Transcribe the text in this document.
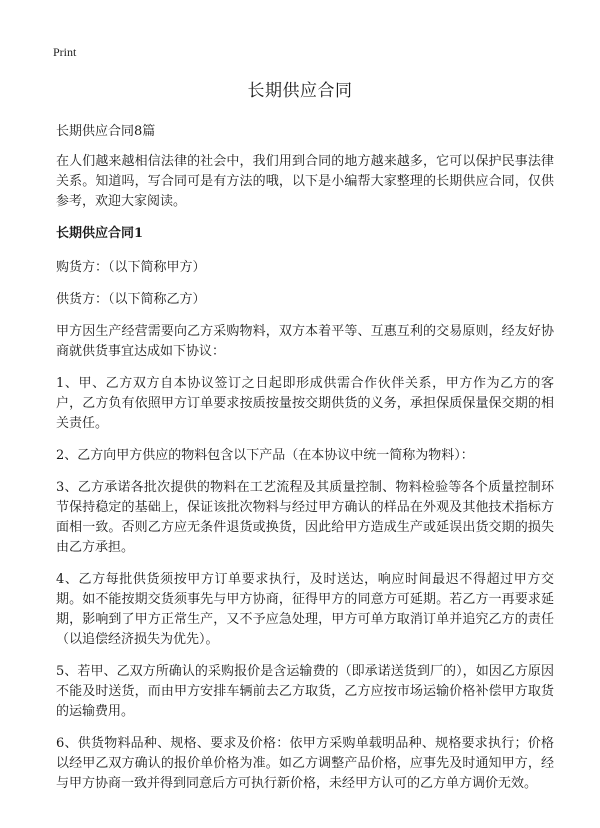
Print
长期供应合同

长期供应合同8篇

在人们越来越相信法律的社会中，我们用到合同的地方越来越多，它可以保护民事法律关系。知道吗，写合同可是有方法的哦，以下是小编帮大家整理的长期供应合同，仅供参考，欢迎大家阅读。

长期供应合同1

购货方：（以下简称甲方）

供货方：（以下简称乙方）

甲方因生产经营需要向乙方采购物料，双方本着平等、互惠互利的交易原则，经友好协商就供货事宜达成如下协议：

1、甲、乙方双方自本协议签订之日起即形成供需合作伙伴关系，甲方作为乙方的客户，乙方负有依照甲方订单要求按质按量按交期供货的义务，承担保质保量保交期的相关责任。

2、乙方向甲方供应的物料包含以下产品（在本协议中统一简称为物料）：

3、乙方承诺各批次提供的物料在工艺流程及其质量控制、物料检验等各个质量控制环节保持稳定的基础上，保证该批次物料与经过甲方确认的样品在外观及其他技术指标方面相一致。否则乙方应无条件退货或换货，因此给甲方造成生产或延误出货交期的损失由乙方承担。

4、乙方每批供货须按甲方订单要求执行，及时送达，响应时间最迟不得超过甲方交期。如不能按期交货须事先与甲方协商，征得甲方的同意方可延期。若乙方一再要求延期，影响到了甲方正常生产，又不予应急处理，甲方可单方取消订单并追究乙方的责任（以追偿经济损失为优先）。

5、若甲、乙双方所确认的采购报价是含运输费的（即承诺送货到厂的），如因乙方原因不能及时送货，而由甲方安排车辆前去乙方取货，乙方应按市场运输价格补偿甲方取货的运输费用。

6、供货物料品种、规格、要求及价格：依甲方采购单载明品种、规格要求执行；价格以经甲乙双方确认的报价单价格为准。如乙方调整产品价格，应事先及时通知甲方，经与甲方协商一致并得到同意后方可执行新价格，未经甲方认可的乙方单方调价无效。
